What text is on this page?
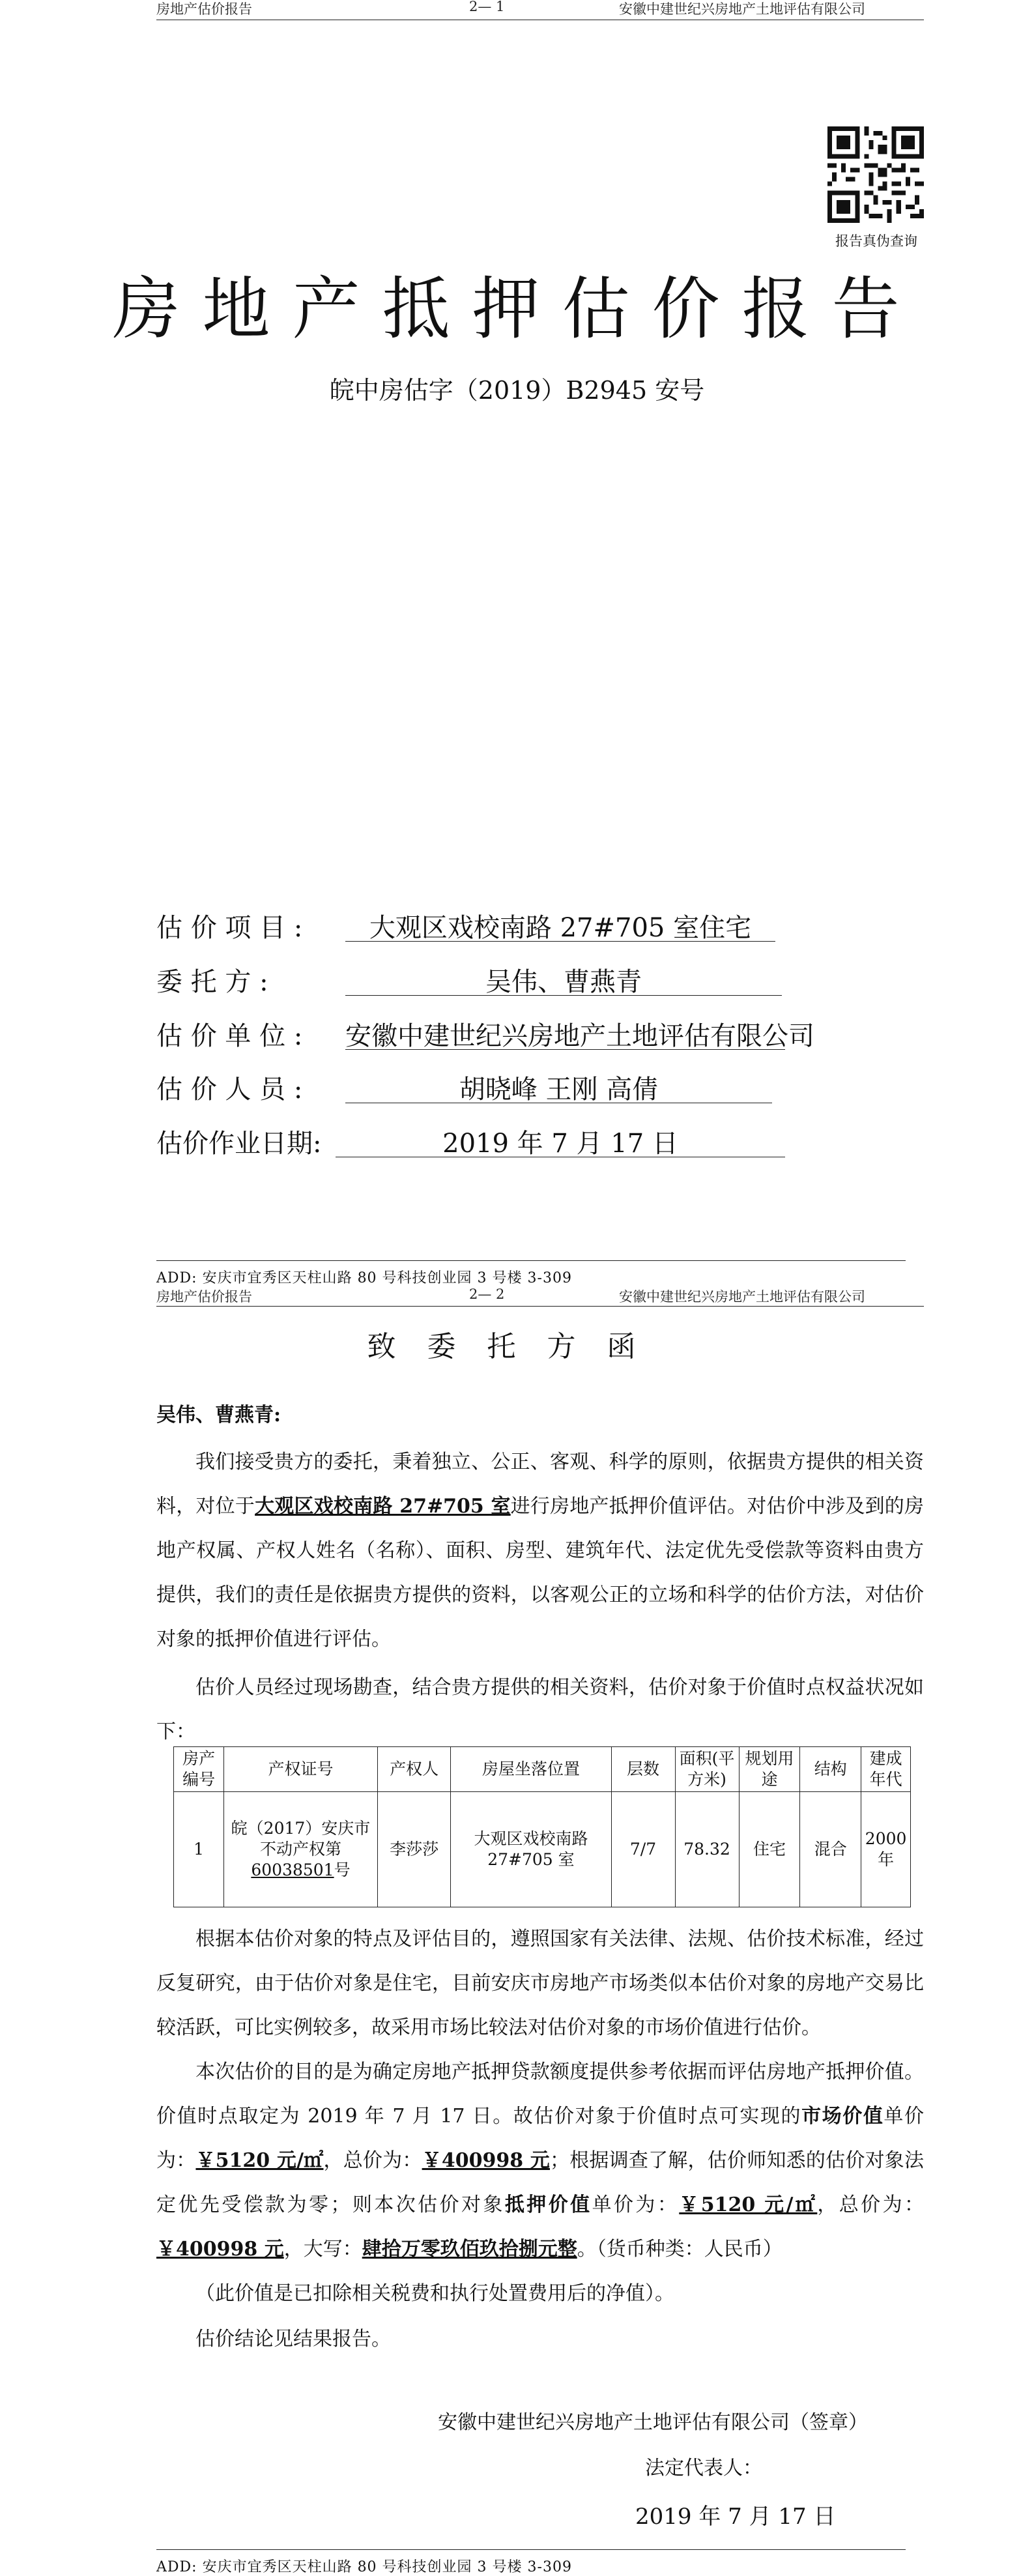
房地产估价报告	2— 1	安徽中建世纪兴房地产土地评估有限公司
报告真伪查询
房地产抵押估价报告
皖中房估字（2019）B2945 安号
估 价 项 目 :	大观区戏校南路 27#705 室住宅
委 托 方 :	吴伟、曹燕青
估 价 单 位 : 安徽中建世纪兴房地产土地评估有限公司
估 价 人 员 :	胡晓峰 王刚 高倩
估价作业日期:	2019 年 7 月 17 日
ADD: 安庆市宜秀区天柱山路 80 号科技创业园 3 号楼 3-309
房地产估价报告	2— 2	安徽中建世纪兴房地产土地评估有限公司
致委托方函
吴伟、曹燕青:
我们接受贵方的委托，秉着独立、公正、客观、科学的原则，依据贵方提供的相关资料，对位于大观区戏校南路 27#705 室进行房地产抵押价值评估。对估价中涉及到的房地产权属、产权人姓名（名称）、面积、房型、建筑年代、法定优先受偿款等资料由贵方提供，我们的责任是依据贵方提供的资料，以客观公正的立场和科学的估价方法，对估价对象的抵押价值进行评估。
估价人员经过现场勘查，结合贵方提供的相关资料，估价对象于价值时点权益状况如下：
房产编号	产权证号	产权人	房屋坐落位置	层数	面积(平方米)	规划用途	结构	建成年代
1	皖（2017）安庆市不动产权第60038501号	李莎莎	大观区戏校南路 27#705 室	7/7	78.32	住宅	混合	2000年
根据本估价对象的特点及评估目的，遵照国家有关法律、法规、估价技术标准，经过反复研究，由于估价对象是住宅，目前安庆市房地产市场类似本估价对象的房地产交易比较活跃，可比实例较多，故采用市场比较法对估价对象的市场价值进行估价。
本次估价的目的是为确定房地产抵押贷款额度提供参考依据而评估房地产抵押价值。价值时点取定为 2019 年 7 月 17 日。故估价对象于价值时点可实现的市场价值单价为：￥5120 元/㎡，总价为：￥400998 元；根据调查了解，估价师知悉的估价对象法定优先受偿款为零；则本次估价对象抵押价值单价为：￥5120 元/㎡，总价为：￥400998 元，大写：肆拾万零玖佰玖拾捌元整。（货币种类：人民币）
（此价值是已扣除相关税费和执行处置费用后的净值）。
估价结论见结果报告。
安徽中建世纪兴房地产土地评估有限公司（签章）
法定代表人：
2019 年 7 月 17 日
ADD: 安庆市宜秀区天柱山路 80 号科技创业园 3 号楼 3-309
